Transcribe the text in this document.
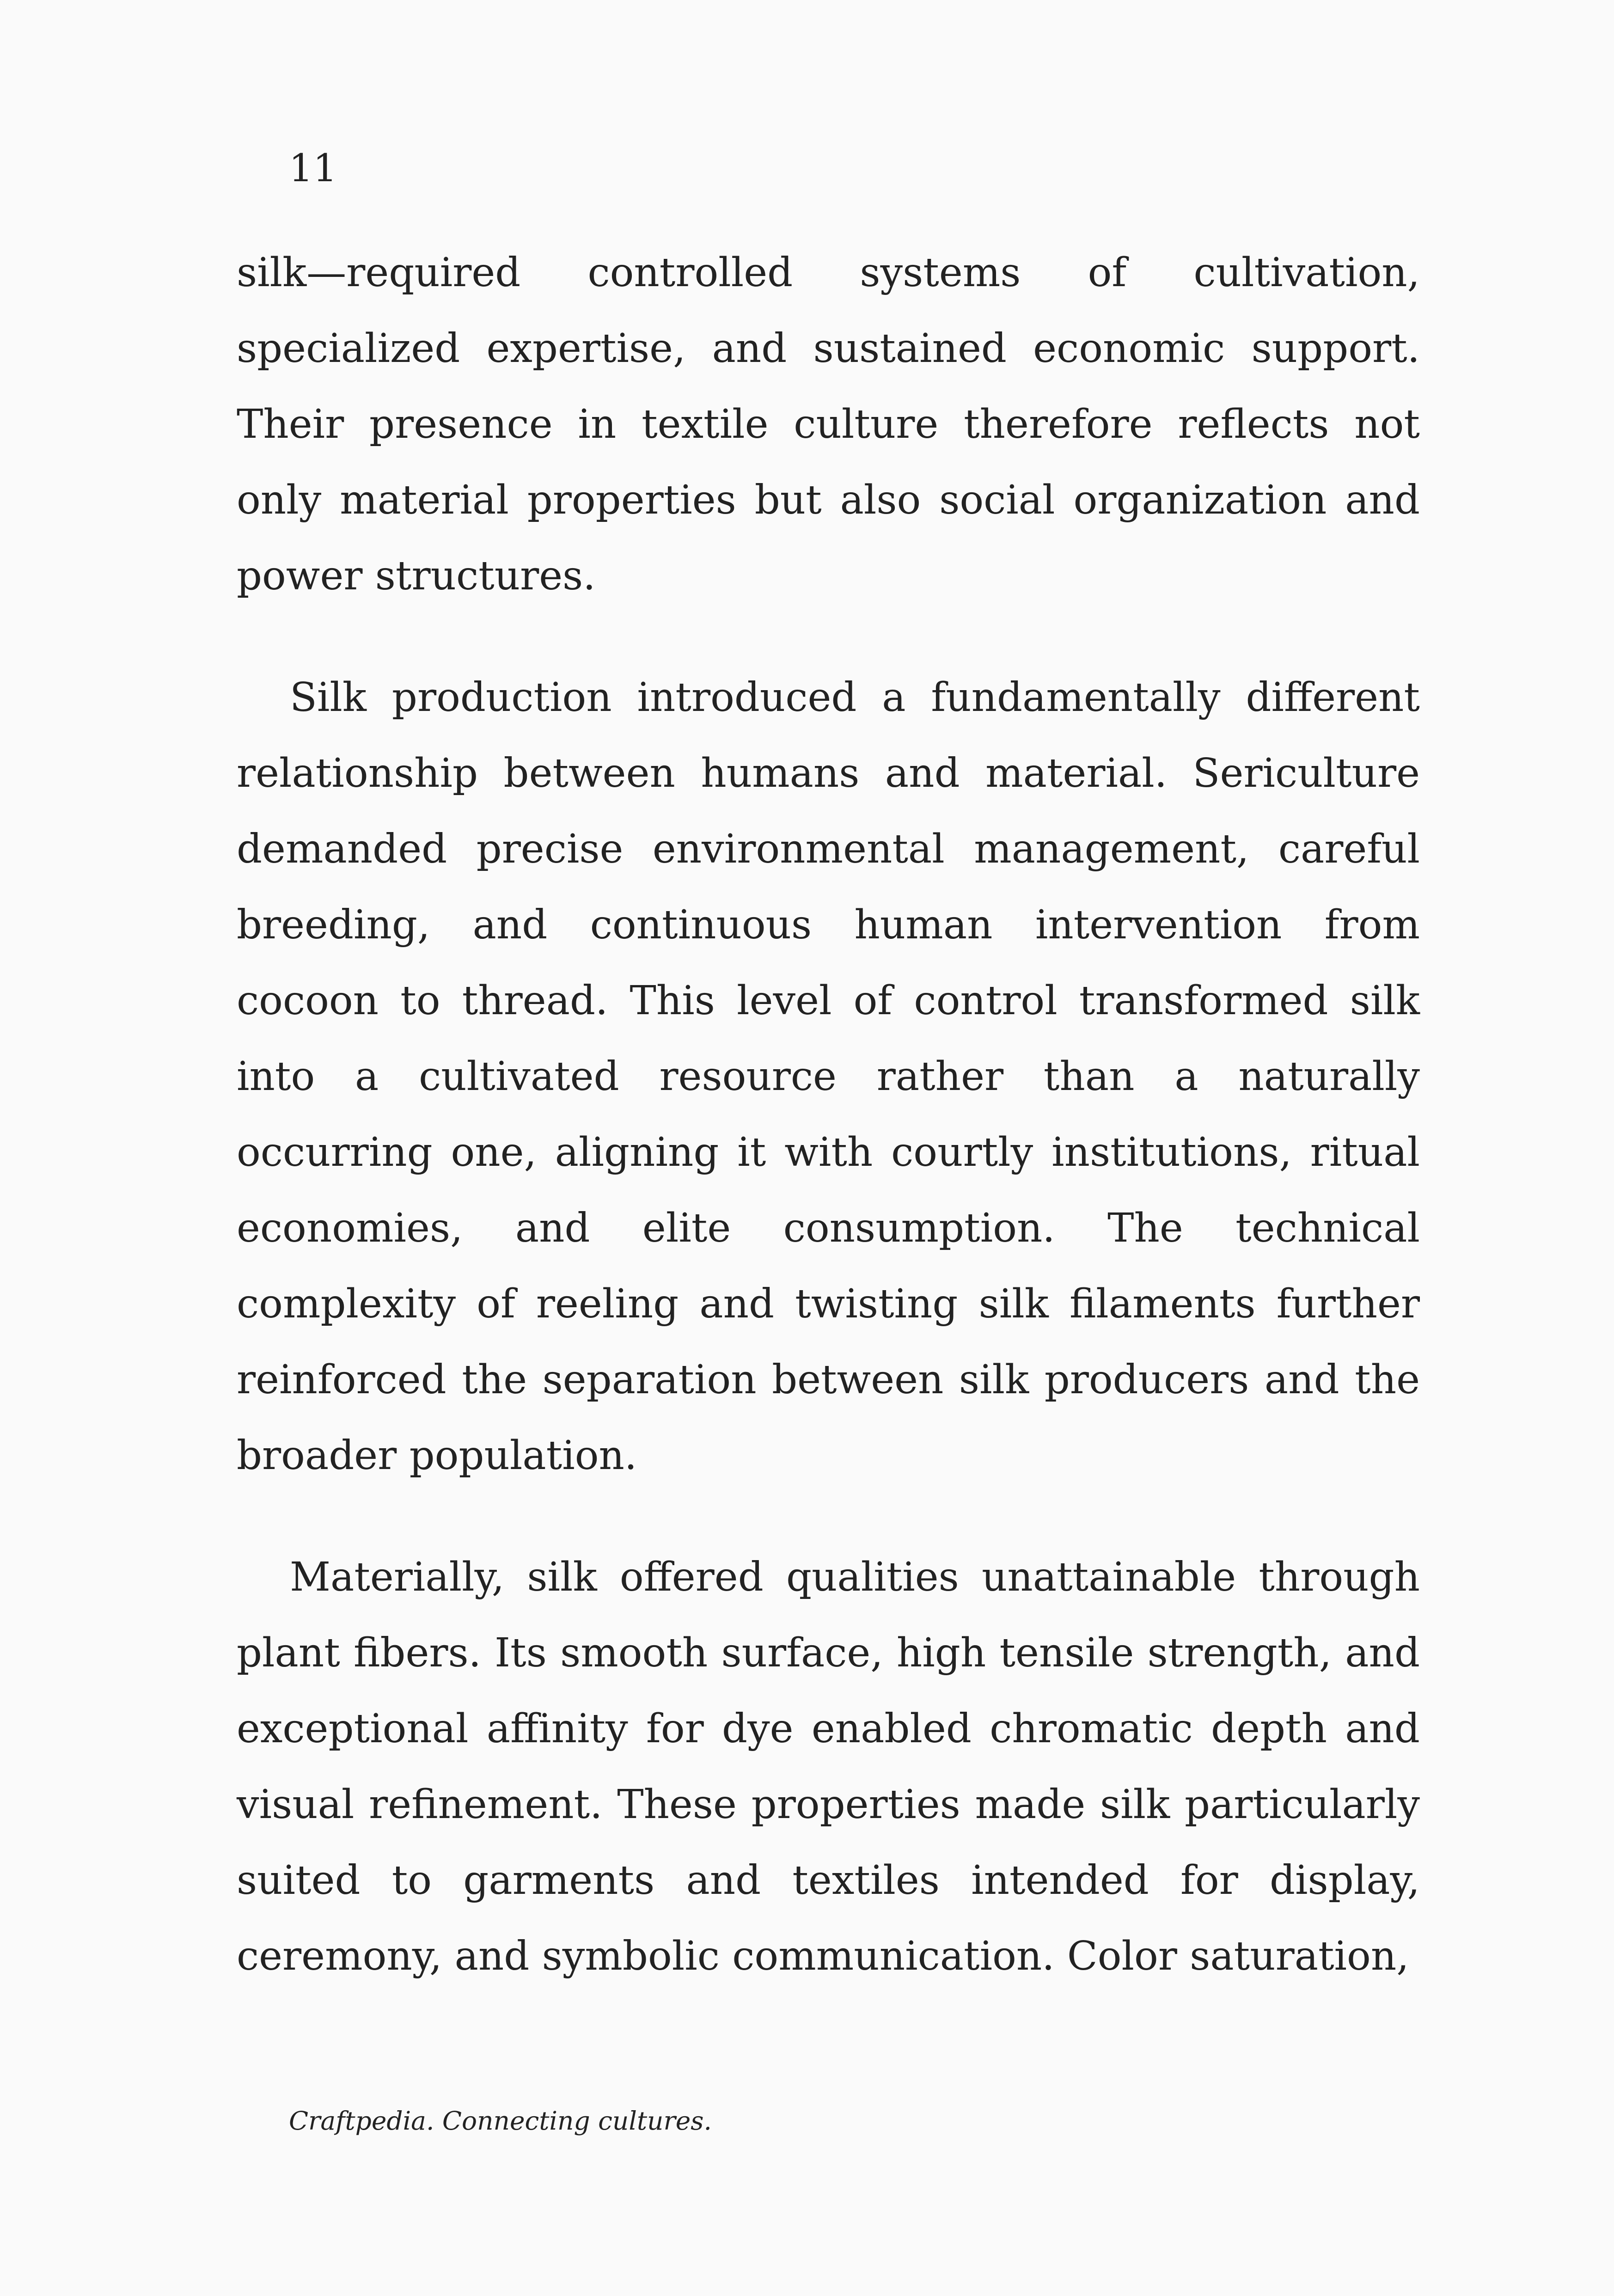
11

silk—required controlled systems of cultivation, specialized expertise, and sustained economic support. Their presence in textile culture therefore reflects not only material properties but also social organization and power structures.

Silk production introduced a fundamentally different relationship between humans and material. Sericulture demanded precise environmental management, careful breeding, and continuous human intervention from cocoon to thread. This level of control transformed silk into a cultivated resource rather than a naturally occurring one, aligning it with courtly institutions, ritual economies, and elite consumption. The technical complexity of reeling and twisting silk filaments further reinforced the separation between silk producers and the broader population.

Materially, silk offered qualities unattainable through plant fibers. Its smooth surface, high tensile strength, and exceptional affinity for dye enabled chromatic depth and visual refinement. These properties made silk particularly suited to garments and textiles intended for display, ceremony, and symbolic communication. Color saturation,

Craftpedia. Connecting cultures.
